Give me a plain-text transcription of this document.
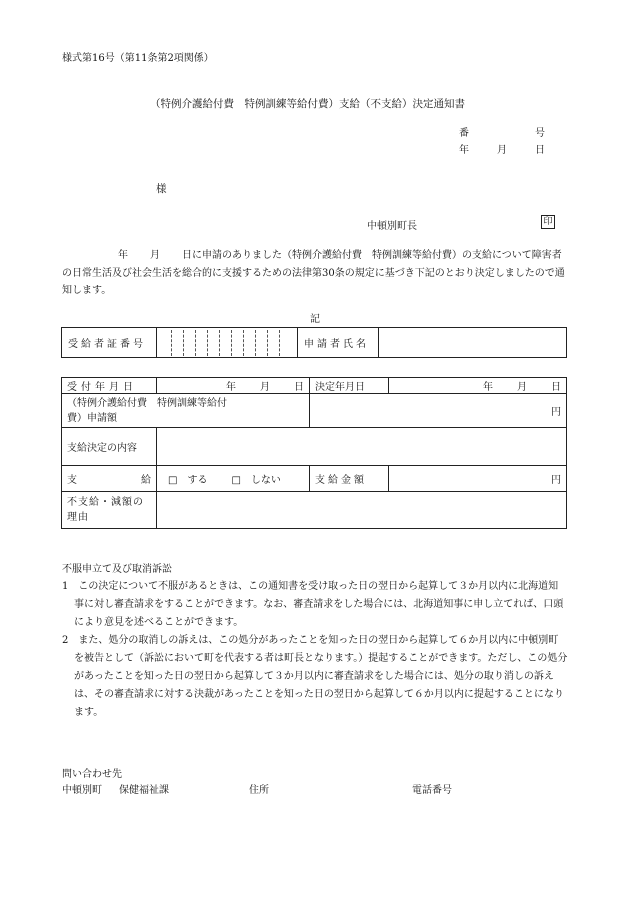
様式第16号（第11条第2項関係）
（特例介護給付費　特例訓練等給付費）支給（不支給）決定通知書
番	号
年	月	日
様
中頓別町長	印
年 月 日に申請のありました（特例介護給付費　特例訓練等給付費）の支給について障害者の日常生活及び社会生活を総合的に支援するための法律第30条の規定に基づき下記のとおり決定しましたので通知します。
記
受給者証番号		申請者氏名	
受付年月日	年 月 日	決定年月日	年 月 日

（特例介護給付費　特例訓練等給付費）申請額		円	
支給決定の内容			

支 給	□　する □　しない	支給金額	円
不支給・減額の理由			
不服申立て及び取消訴訟

1　この決定について不服があるときは、この通知書を受け取った日の翌日から起算して３か月以内に北海道知事に対し審査請求をすることができます。なお、審査請求をした場合には、北海道知事に申し立てれば、口頭により意見を述べることができます。

2　また、処分の取消しの訴えは、この処分があったことを知った日の翌日から起算して６か月以内に中頓別町を被告として（訴訟において町を代表する者は町長となります。）提起することができます。ただし、この処分があったことを知った日の翌日から起算して３か月以内に審査請求をした場合には、処分の取り消しの訴えは、その審査請求に対する決裁があったことを知った日の翌日から起算して６か月以内に提起することになります。

問い合わせ先
中頓別町 保健福祉課	住所	電話番号
